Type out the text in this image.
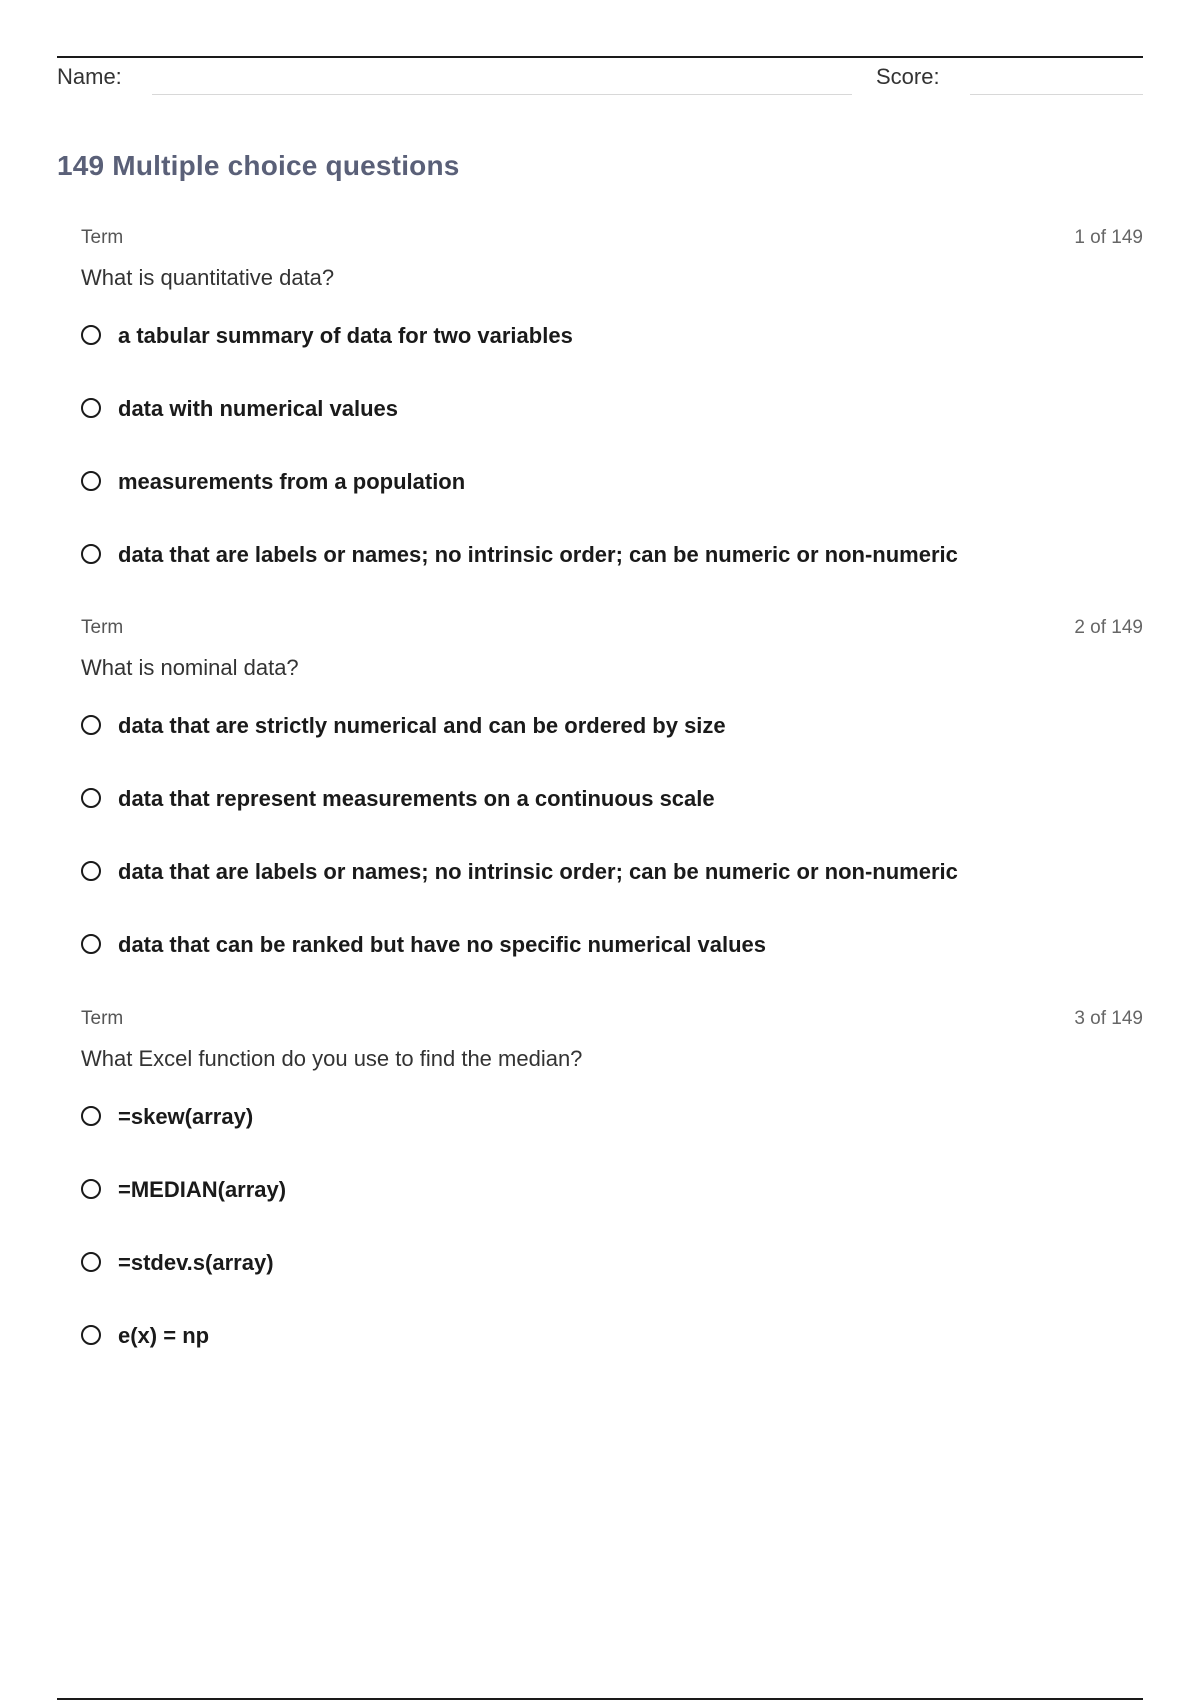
Name:	Score:
149 Multiple choice questions
Term	1 of 149
What is quantitative data?
a tabular summary of data for two variables
data with numerical values
measurements from a population
data that are labels or names; no intrinsic order; can be numeric or non-numeric
Term	2 of 149
What is nominal data?
data that are strictly numerical and can be ordered by size
data that represent measurements on a continuous scale
data that are labels or names; no intrinsic order; can be numeric or non-numeric
data that can be ranked but have no specific numerical values
Term	3 of 149
What Excel function do you use to find the median?
=skew(array)
=MEDIAN(array)
=stdev.s(array)
e(x) = np
